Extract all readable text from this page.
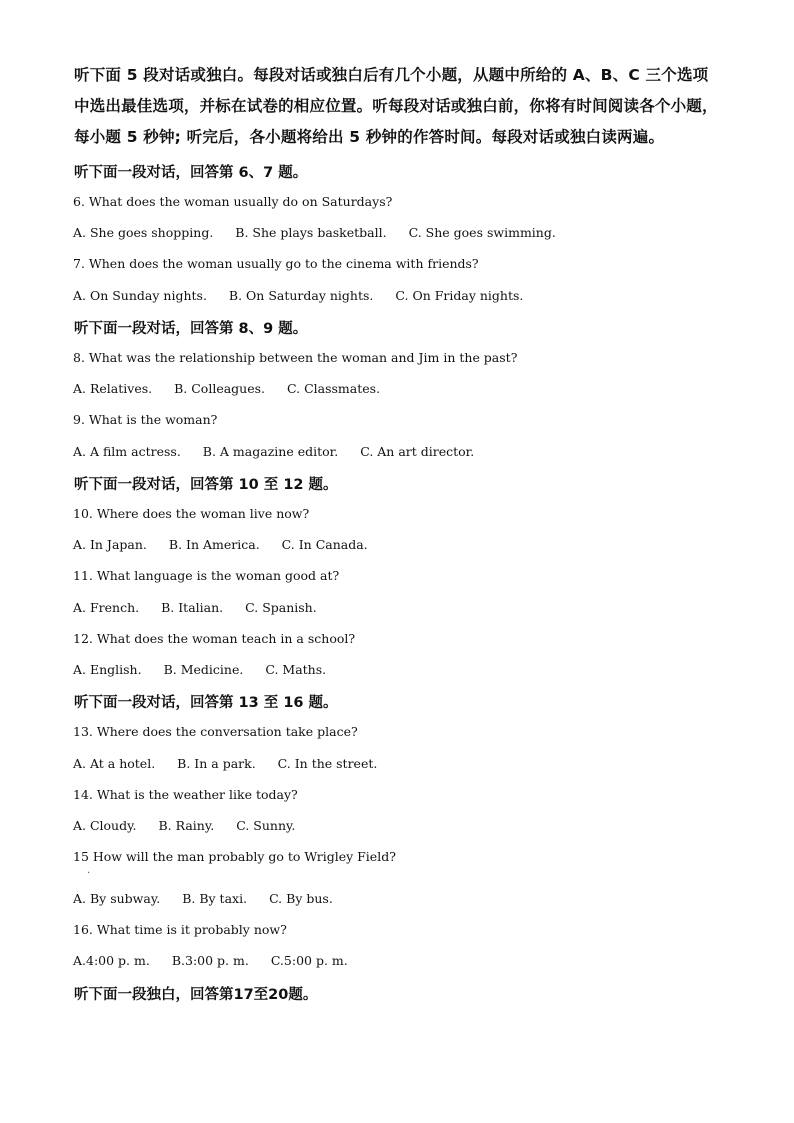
听下面 5 段对话或独白。每段对话或独白后有几个小题，从题中所给的 A、B、C 三个选项中选出最佳选项，并标在试卷的相应位置。听每段对话或独白前，你将有时间阅读各个小题，每小题 5 秒钟; 听完后，各小题将给出 5 秒钟的作答时间。每段对话或独白读两遍。
听下面一段对话，回答第 6、7 题。
6. What does the woman usually do on Saturdays?
A. She goes shopping. B. She plays basketball. C. She goes swimming.
7. When does the woman usually go to the cinema with friends?
A. On Sunday nights. B. On Saturday nights. C. On Friday nights.
听下面一段对话，回答第 8、9 题。
8. What was the relationship between the woman and Jim in the past?
A. Relatives. B. Colleagues. C. Classmates.
9. What is the woman?
A. A film actress. B. A magazine editor. C. An art director.
听下面一段对话，回答第 10 至 12 题。
10. Where does the woman live now?
A. In Japan. B. In America. C. In Canada.
11. What language is the woman good at?
A. French. B. Italian. C. Spanish.
12. What does the woman teach in a school?
A. English. B. Medicine. C. Maths.
听下面一段对话，回答第 13 至 16 题。
13. Where does the conversation take place?
A. At a hotel. B. In a park. C. In the street.
14. What is the weather like today?
A. Cloudy. B. Rainy. C. Sunny.
15 How will the man probably go to Wrigley Field?
·
A. By subway. B. By taxi. C. By bus.
16. What time is it probably now?
A.4:00 p. m. B.3:00 p. m. C.5:00 p. m.
听下面一段独白，回答第17至20题。
